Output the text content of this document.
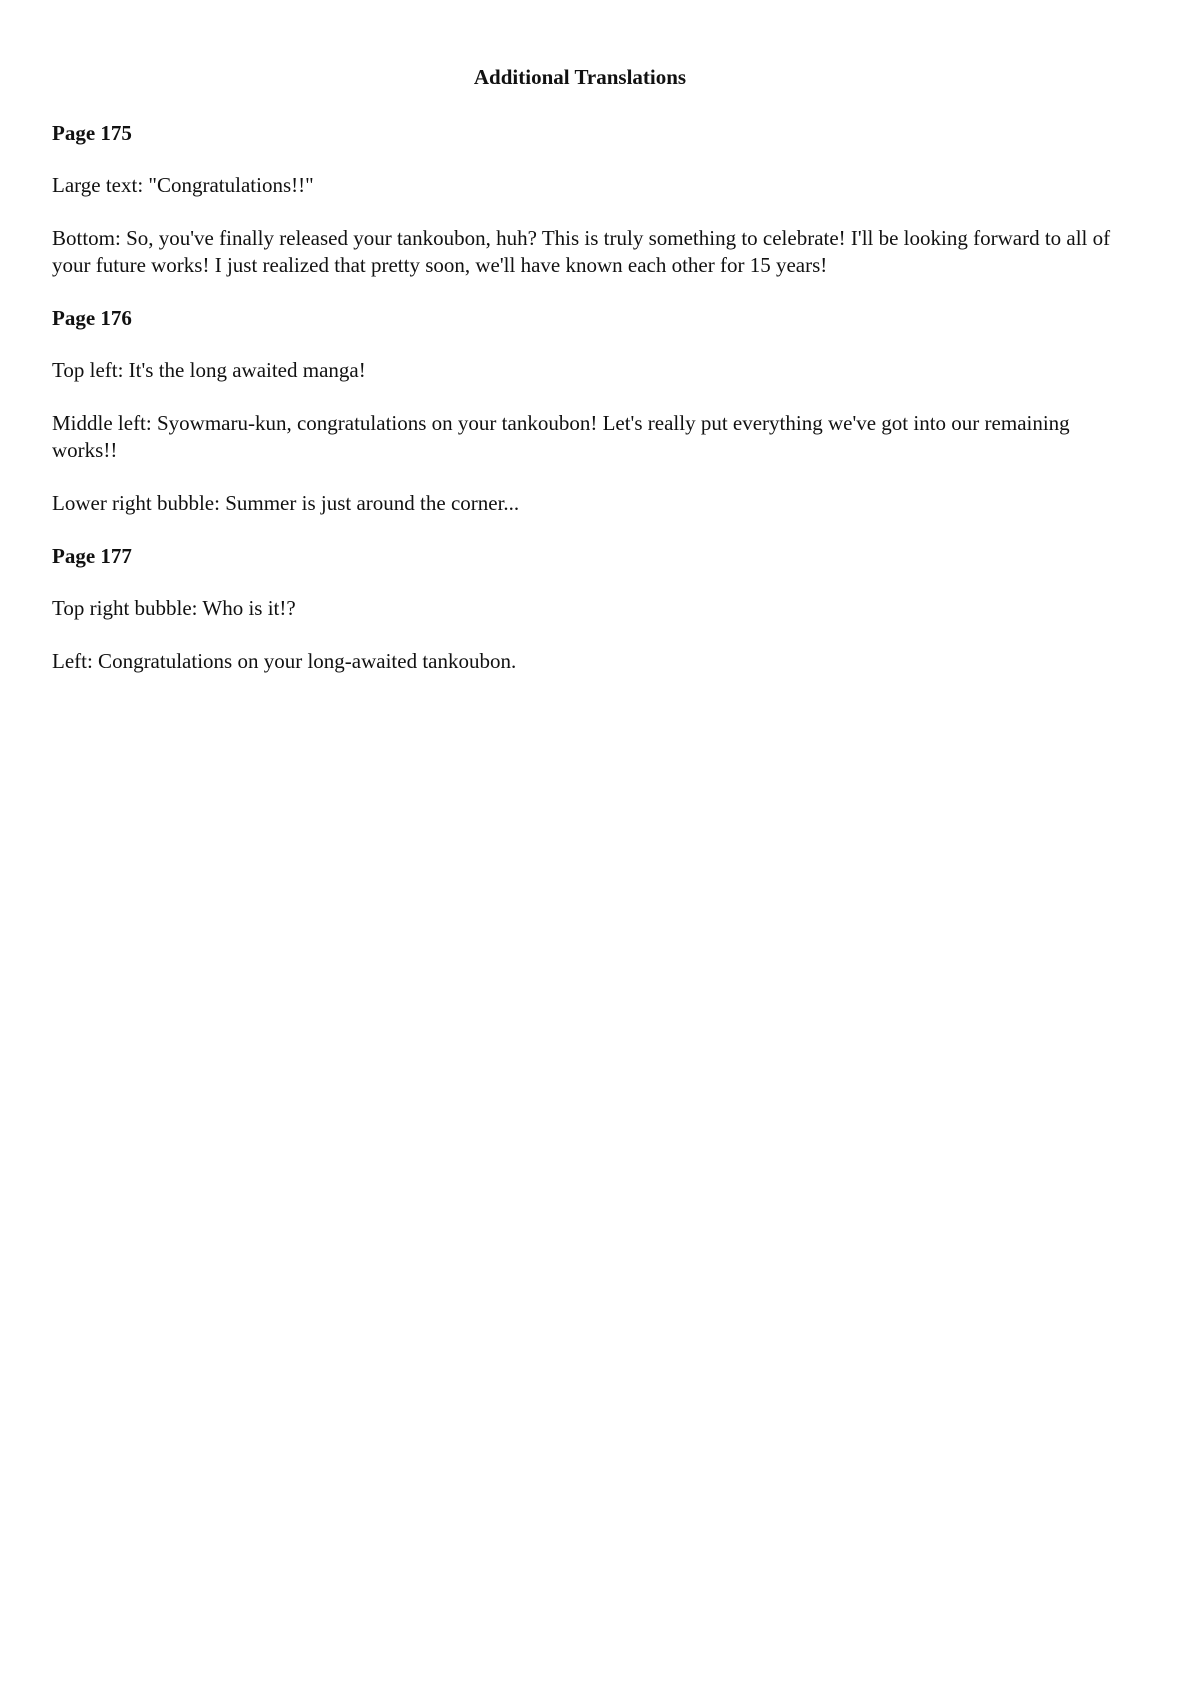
Additional Translations

Page 175

Large text: "Congratulations!!"

Bottom: So, you've finally released your tankoubon, huh? This is truly something to celebrate! I'll be looking forward to all of your future works! I just realized that pretty soon, we'll have known each other for 15 years!

Page 176

Top left: It's the long awaited manga!

Middle left: Syowmaru-kun, congratulations on your tankoubon! Let's really put everything we've got into our remaining works!!

Lower right bubble: Summer is just around the corner...

Page 177

Top right bubble: Who is it!?

Left: Congratulations on your long-awaited tankoubon.
